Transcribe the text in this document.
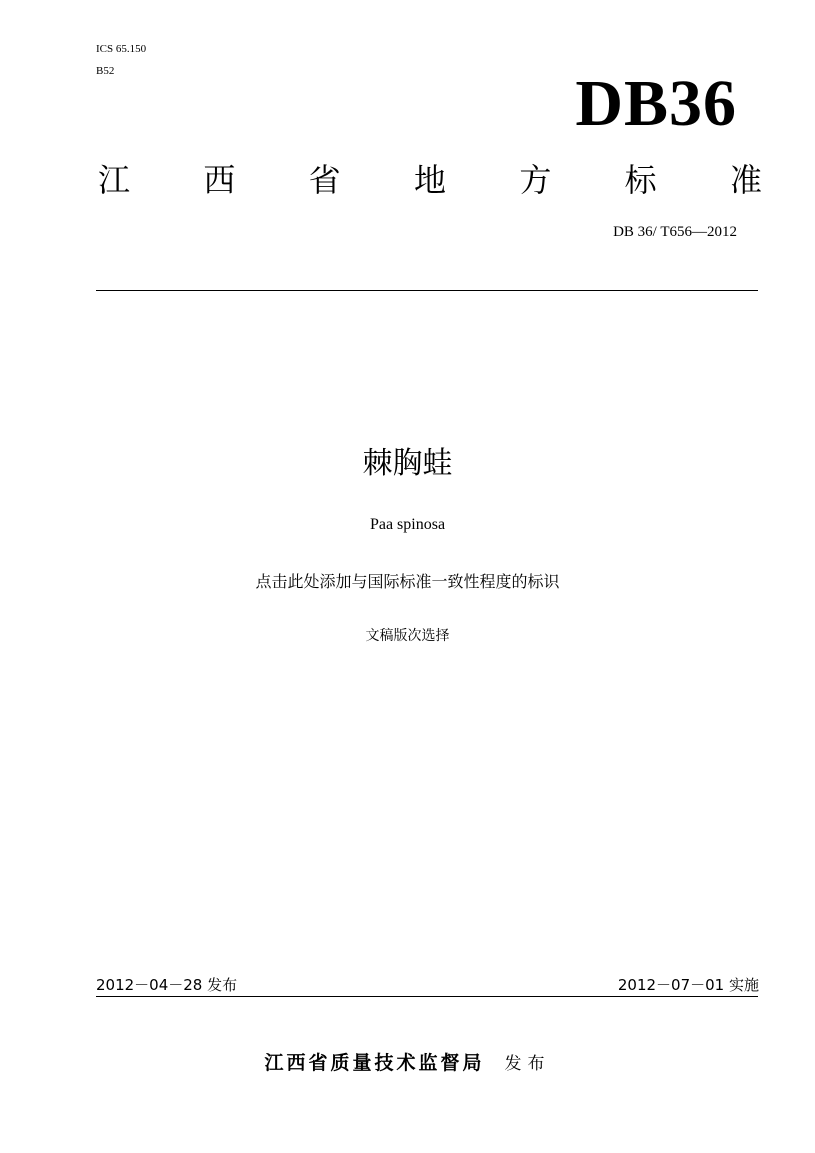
ICS 65.150
B52	DB36
江 西 省 地 方 标 准
DB 36/ T656—2012
棘胸蛙
Paa spinosa
点击此处添加与国际标准一致性程度的标识
文稿版次选择
2012－04－28 发布	2012－07－01 实施
江西省质量技术监督局 发布
